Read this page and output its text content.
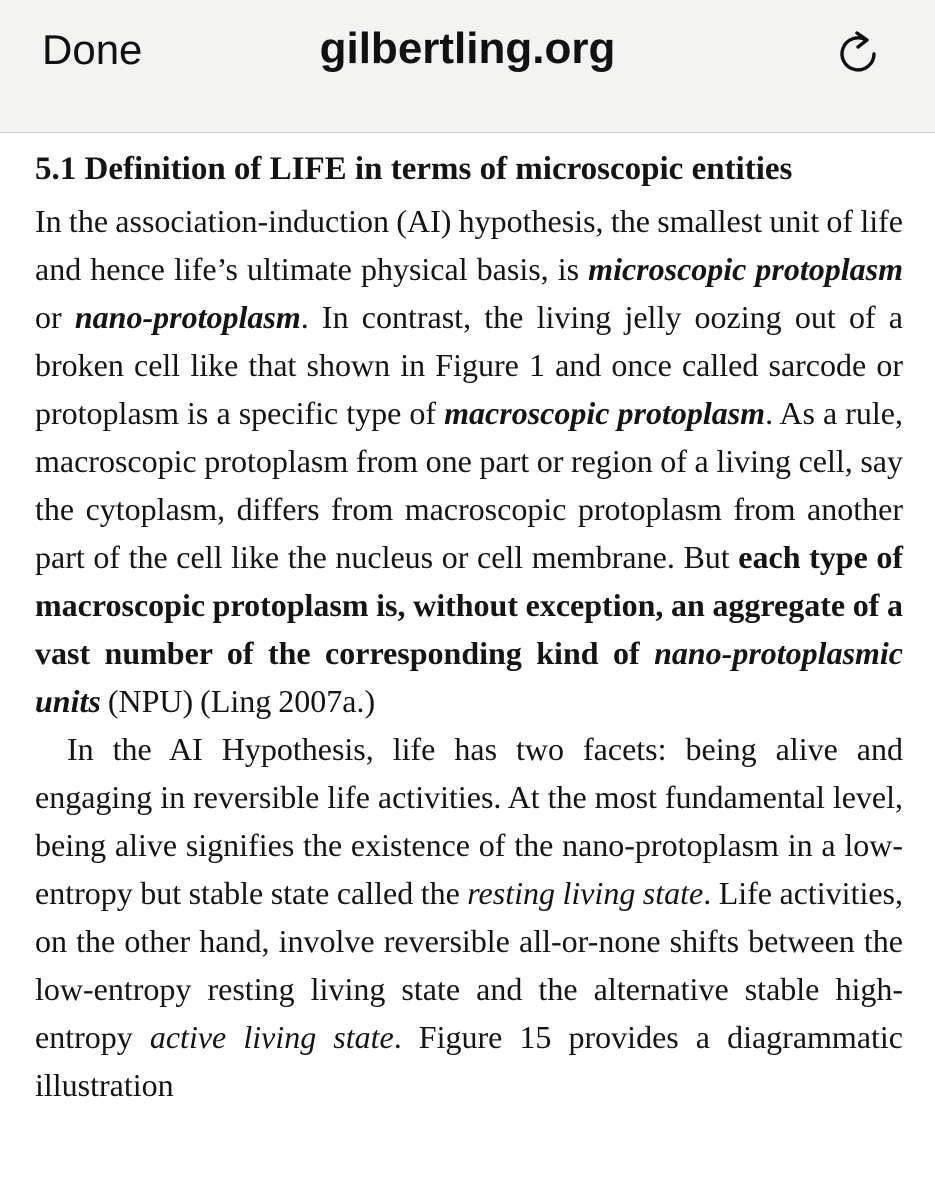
Done	gilbertling.org
5.1 Definition of LIFE in terms of microscopic entities

In the association-induction (AI) hypothesis, the smallest unit of life and hence life’s ultimate physical basis, is microscopic protoplasm or nano-protoplasm. In contrast, the living jelly oozing out of a broken cell like that shown in Figure 1 and once called sarcode or protoplasm is a specific type of macroscopic protoplasm. As a rule, macroscopic protoplasm from one part or region of a living cell, say the cytoplasm, differs from macroscopic protoplasm from another part of the cell like the nucleus or cell membrane. But each type of macroscopic protoplasm is, without exception, an aggregate of a vast number of the corresponding kind of nano-protoplasmic units (NPU) (Ling 2007a.)

In the AI Hypothesis, life has two facets: being alive and engaging in reversible life activities. At the most fundamental level, being alive signifies the existence of the nano-protoplasm in a low-entropy but stable state called the resting living state. Life activities, on the other hand, involve reversible all-or-none shifts between the low-entropy resting living state and the alternative stable high-entropy active living state. Figure 15 provides a diagrammatic illustration
